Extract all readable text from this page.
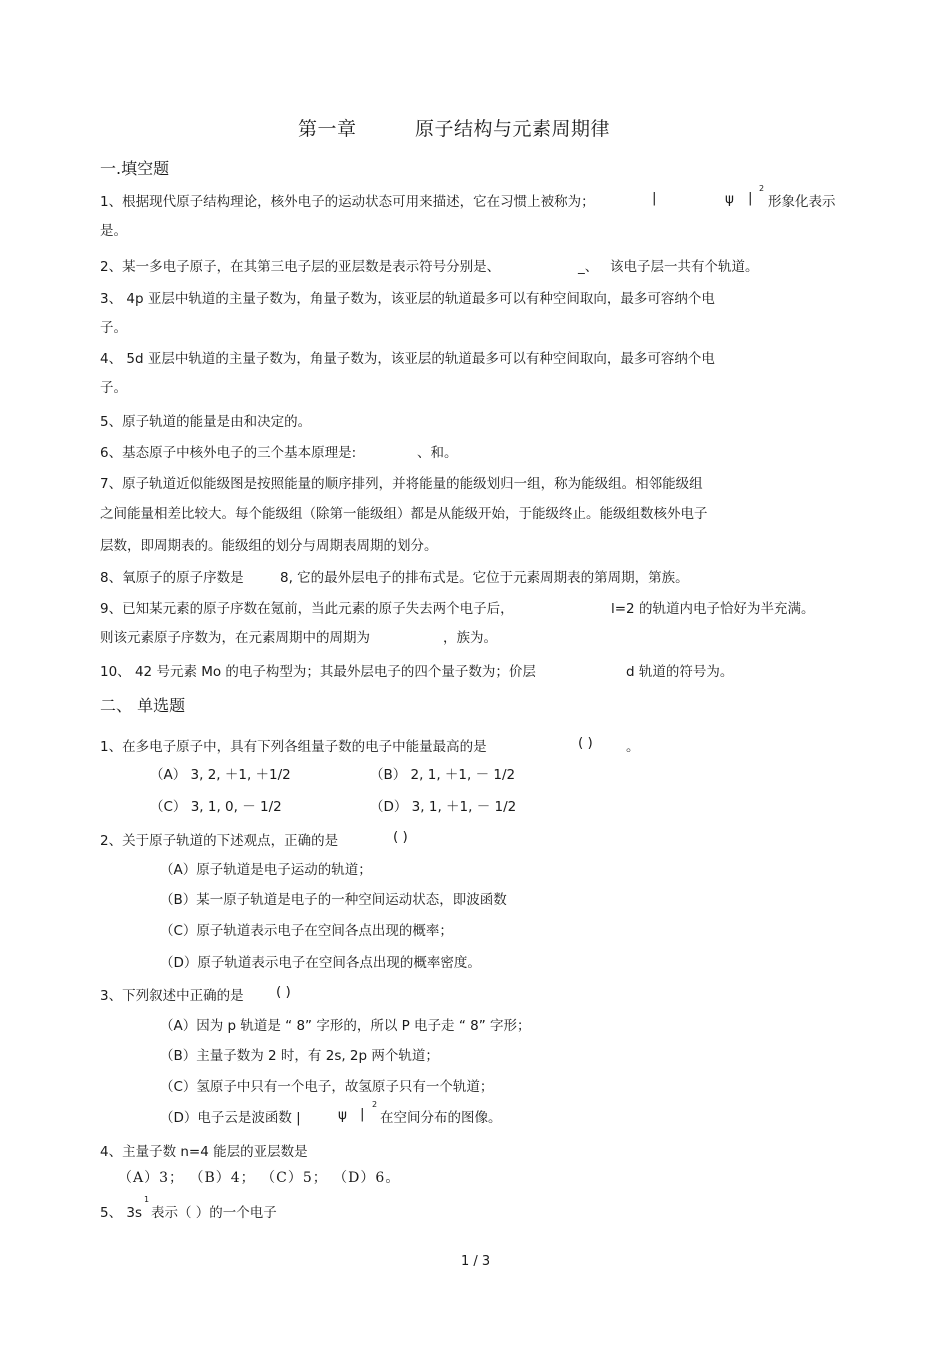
第一章	原子结构与元素周期律
一.填空题
1、根据现代原子结构理论，核外电子的运动状态可用来描述，它在习惯上被称为；	|	ψ |
2
形象化表示
是。
2、某一多电子原子，在其第三电子层的亚层数是表示符号分别是、	_、 该电子层一共有个轨道。
3、 4p 亚层中轨道的主量子数为，角量子数为，该亚层的轨道最多可以有种空间取向，最多可容纳个电
子。
4、 5d 亚层中轨道的主量子数为，角量子数为，该亚层的轨道最多可以有种空间取向，最多可容纳个电
子。
5、原子轨道的能量是由和决定的。
6、基态原子中核外电子的三个基本原理是:	、和。
7、原子轨道近似能级图是按照能量的顺序排列，并将能量的能级划归一组，称为能级组。相邻能级组
之间能量相差比较大。每个能级组（除第一能级组）都是从能级开始，于能级终止。能级组数核外电子
层数，即周期表的。能级组的划分与周期表周期的划分。
8、氧原子的原子序数是	8, 它的最外层电子的排布式是。它位于元素周期表的第周期，第族。
9、已知某元素的原子序数在氪前，当此元素的原子失去两个电子后，	l=2 的轨道内电子恰好为半充满。
则该元素原子序数为，在元素周期中的周期为	，族为。
10、 42 号元素 Mo 的电子构型为；其最外层电子的四个量子数为；价层	d 轨道的符号为。
二、 单选题
1、在多电子原子中，具有下列各组量子数的电子中能量最高的是	( ) 。
（A） 3, 2, ＋1, ＋1/2	（B） 2, 1, ＋1, － 1/2
（C） 3, 1, 0, － 1/2	（D） 3, 1, ＋1, － 1/2
2、关于原子轨道的下述观点，正确的是	( )
（A）原子轨道是电子运动的轨道；
（B）某一原子轨道是电子的一种空间运动状态，即波函数
（C）原子轨道表示电子在空间各点出现的概率；
（D）原子轨道表示电子在空间各点出现的概率密度。
3、下列叙述中正确的是 ( )
（A）因为 p 轨道是 “ 8” 字形的，所以 P 电子走 “ 8” 字形；
（B）主量子数为 2 时，有 2s, 2p 两个轨道；
（C）氢原子中只有一个电子，故氢原子只有一个轨道；
（D）电子云是波函数 |	ψ |
2
在空间分布的图像。
4、主量子数 n=4 能层的亚层数是
（A）3； （B）4； （C）5； （D）6。
5、 3s
1
表示（ ）的一个电子
1 / 3
